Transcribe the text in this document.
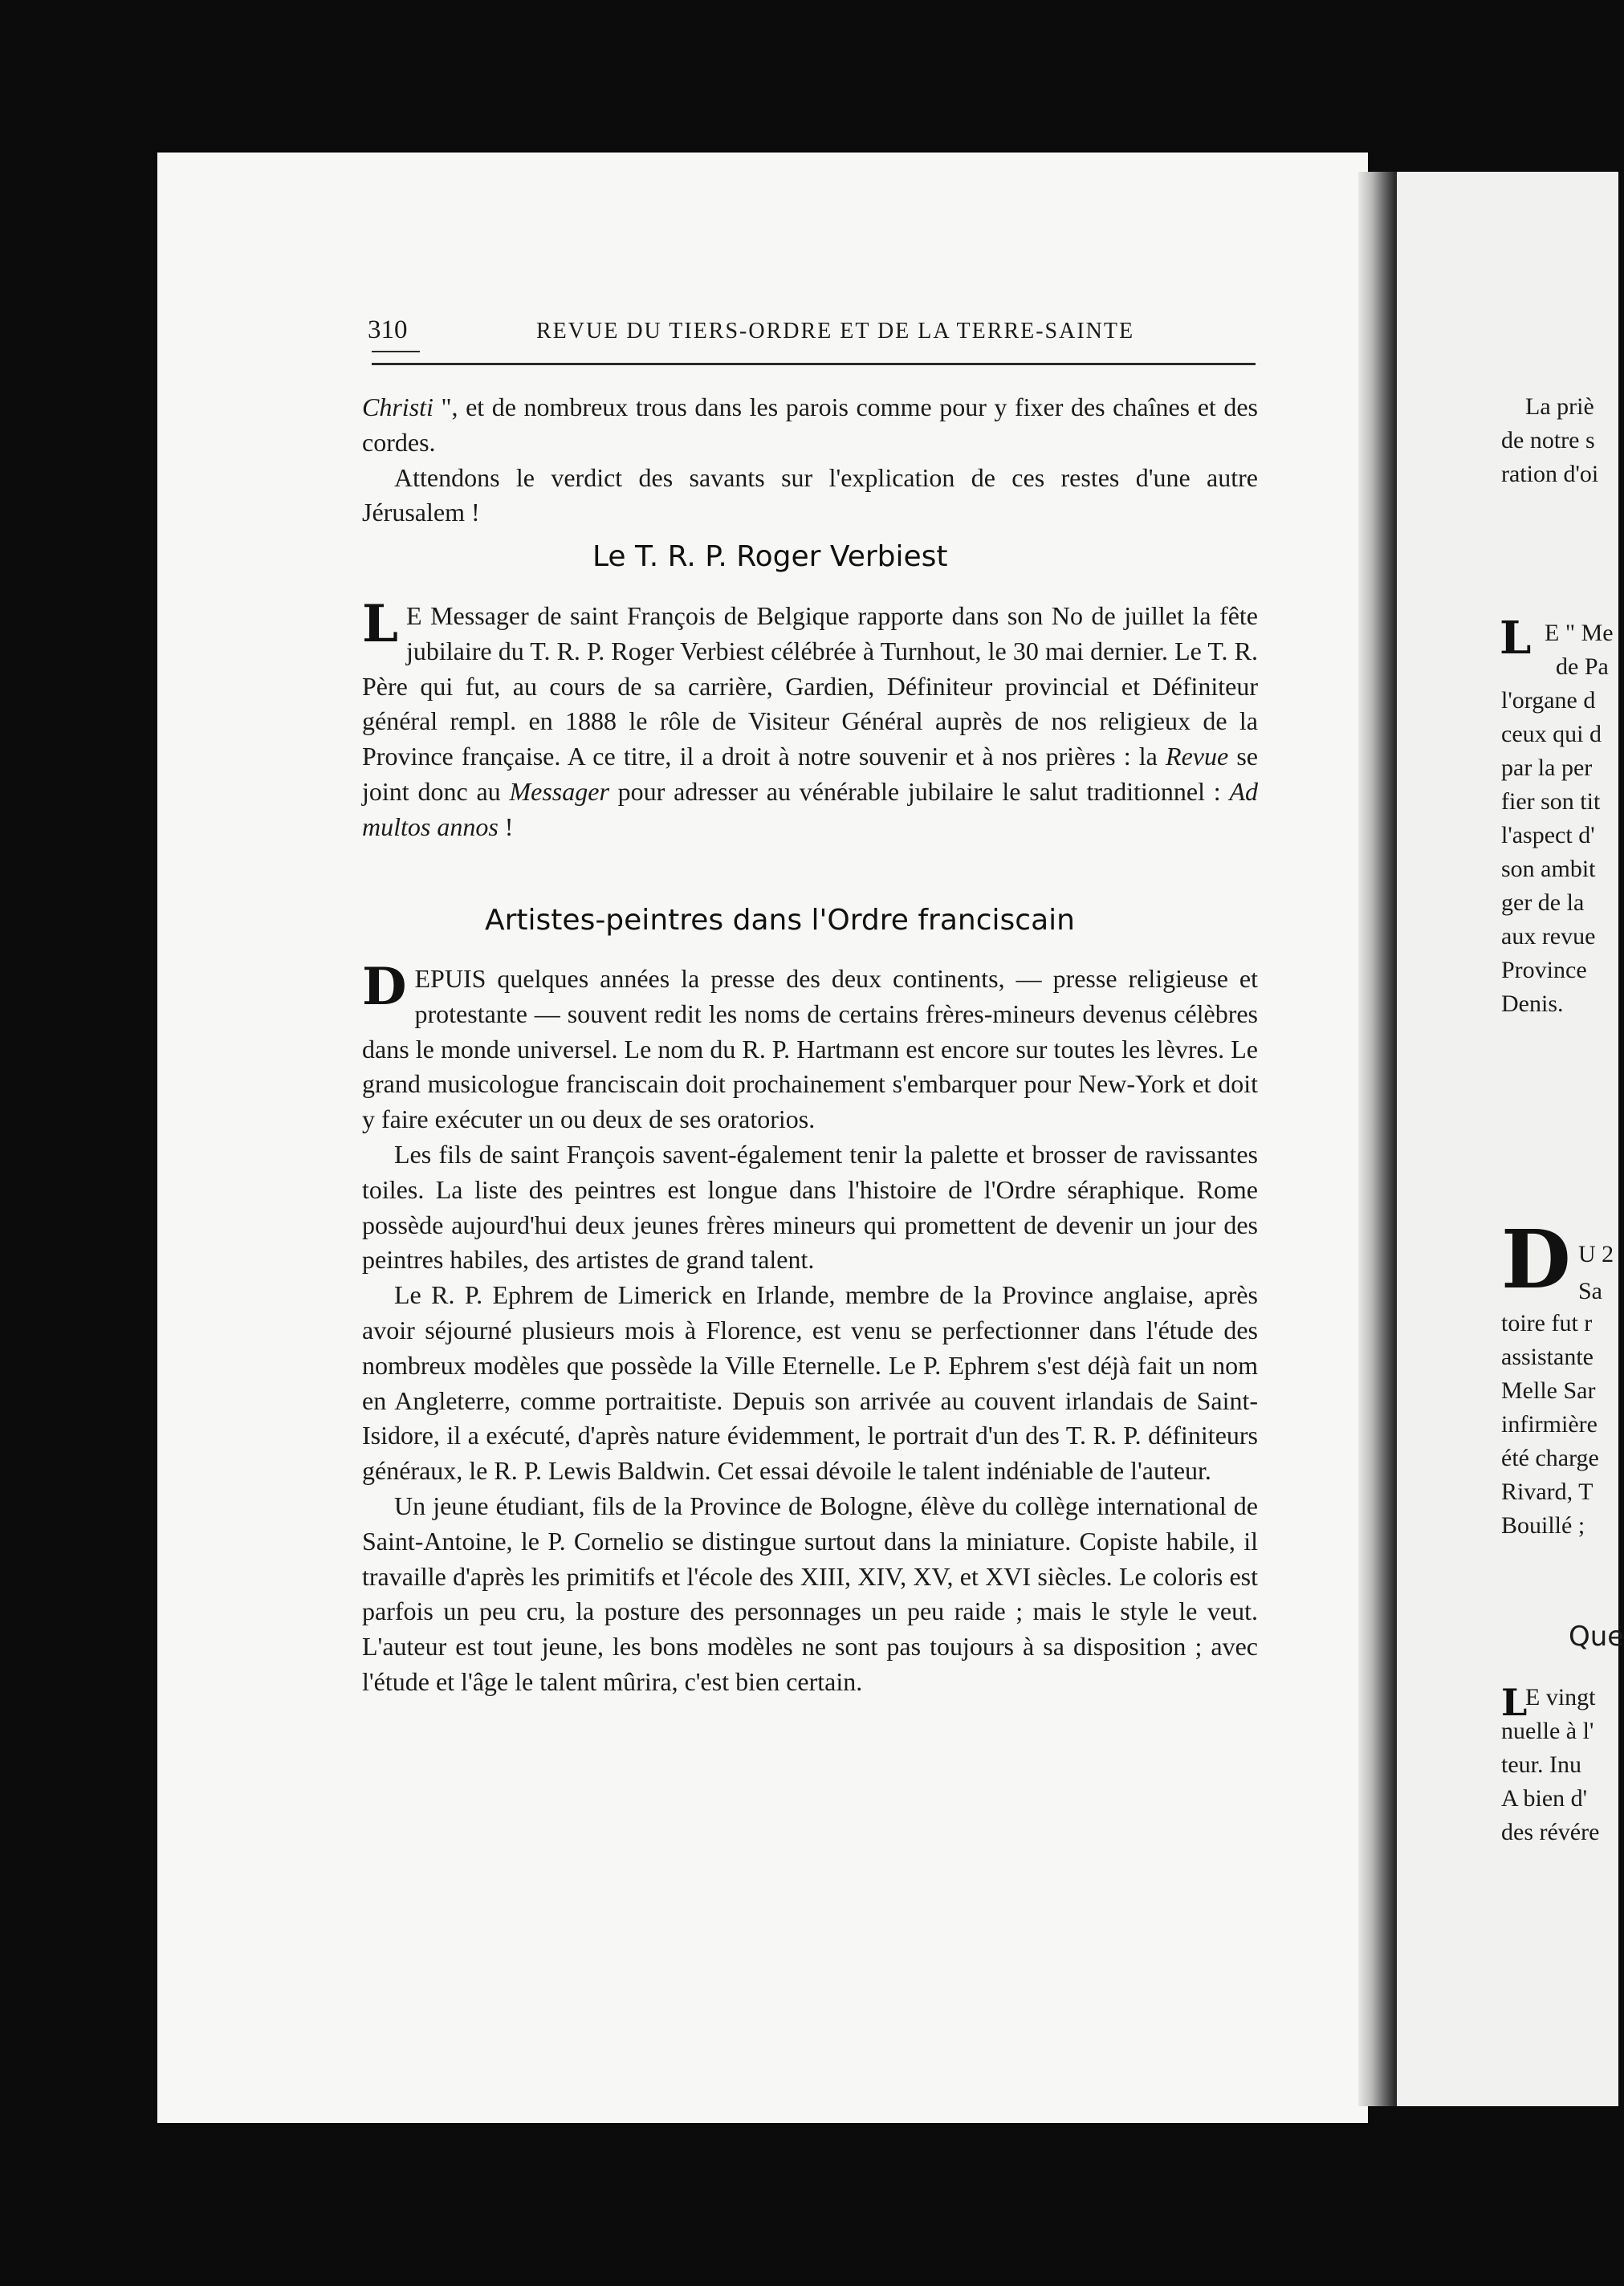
La priè
de notre s
ration d'oi
L E " Me
de Pa
l'organe d
ceux qui d
par la per
fier son tit
l'aspect d'
son ambit
ger de la
aux revue
Province
Denis.
D U 2
Sa
toire fut r
assistante
Melle Sar
infirmière
été charge
Rivard, T
Bouillé ;
Que
L
E vingt
nuelle à l'
teur. Inu
A bien d'
des révére
310	REVUE DU TIERS-ORDRE ET DE LA TERRE-SAINTE

Christi ", et de nombreux trous dans les parois comme pour y fixer des chaînes et des cordes.

Attendons le verdict des savants sur l'explication de ces restes d'une autre Jérusalem !

Le T. R. P. Roger Verbiest

L E Messager de saint François de Belgique rapporte dans son No de juillet la fête jubilaire du T. R. P. Roger Verbiest célébrée à Turnhout, le 30 mai dernier. Le T. R. Père qui fut, au cours de sa carrière, Gardien, Définiteur provincial et Définiteur général rempl. en 1888 le rôle de Visiteur Général auprès de nos religieux de la Province française. A ce titre, il a droit à notre souvenir et à nos prières : la Revue se joint donc au Messager pour adresser au vénérable jubilaire le salut traditionnel : Ad multos annos !

Artistes-peintres dans l'Ordre franciscain

DEPUIS quelques années la presse des deux continents, — presse religieuse et protestante — souvent redit les noms de certains frères-mineurs devenus célèbres dans le monde universel. Le nom du R. P. Hartmann est encore sur toutes les lèvres. Le grand musicologue franciscain doit prochainement s'embarquer pour New-York et doit y faire exécuter un ou deux de ses oratorios.

Les fils de saint François savent-également tenir la palette et brosser de ravissantes toiles. La liste des peintres est longue dans l'histoire de l'Ordre séraphique. Rome possède aujourd'hui deux jeunes frères mineurs qui promettent de devenir un jour des peintres habiles, des artistes de grand talent.

Le R. P. Ephrem de Limerick en Irlande, membre de la Province anglaise, après avoir séjourné plusieurs mois à Florence, est venu se perfectionner dans l'étude des nombreux modèles que possède la Ville Eternelle. Le P. Ephrem s'est déjà fait un nom en Angleterre, comme portraitiste. Depuis son arrivée au couvent irlandais de Saint-Isidore, il a exécuté, d'après nature évidemment, le portrait d'un des T. R. P. définiteurs généraux, le R. P. Lewis Baldwin. Cet essai dévoile le talent indéniable de l'auteur.

Un jeune étudiant, fils de la Province de Bologne, élève du collège international de Saint-Antoine, le P. Cornelio se distingue surtout dans la miniature. Copiste habile, il travaille d'après les primitifs et l'école des XIII, XIV, XV, et XVI siècles. Le coloris est parfois un peu cru, la posture des personnages un peu raide ; mais le style le veut. L'auteur est tout jeune, les bons modèles ne sont pas toujours à sa disposition ; avec l'étude et l'âge le talent mûrira, c'est bien certain.
